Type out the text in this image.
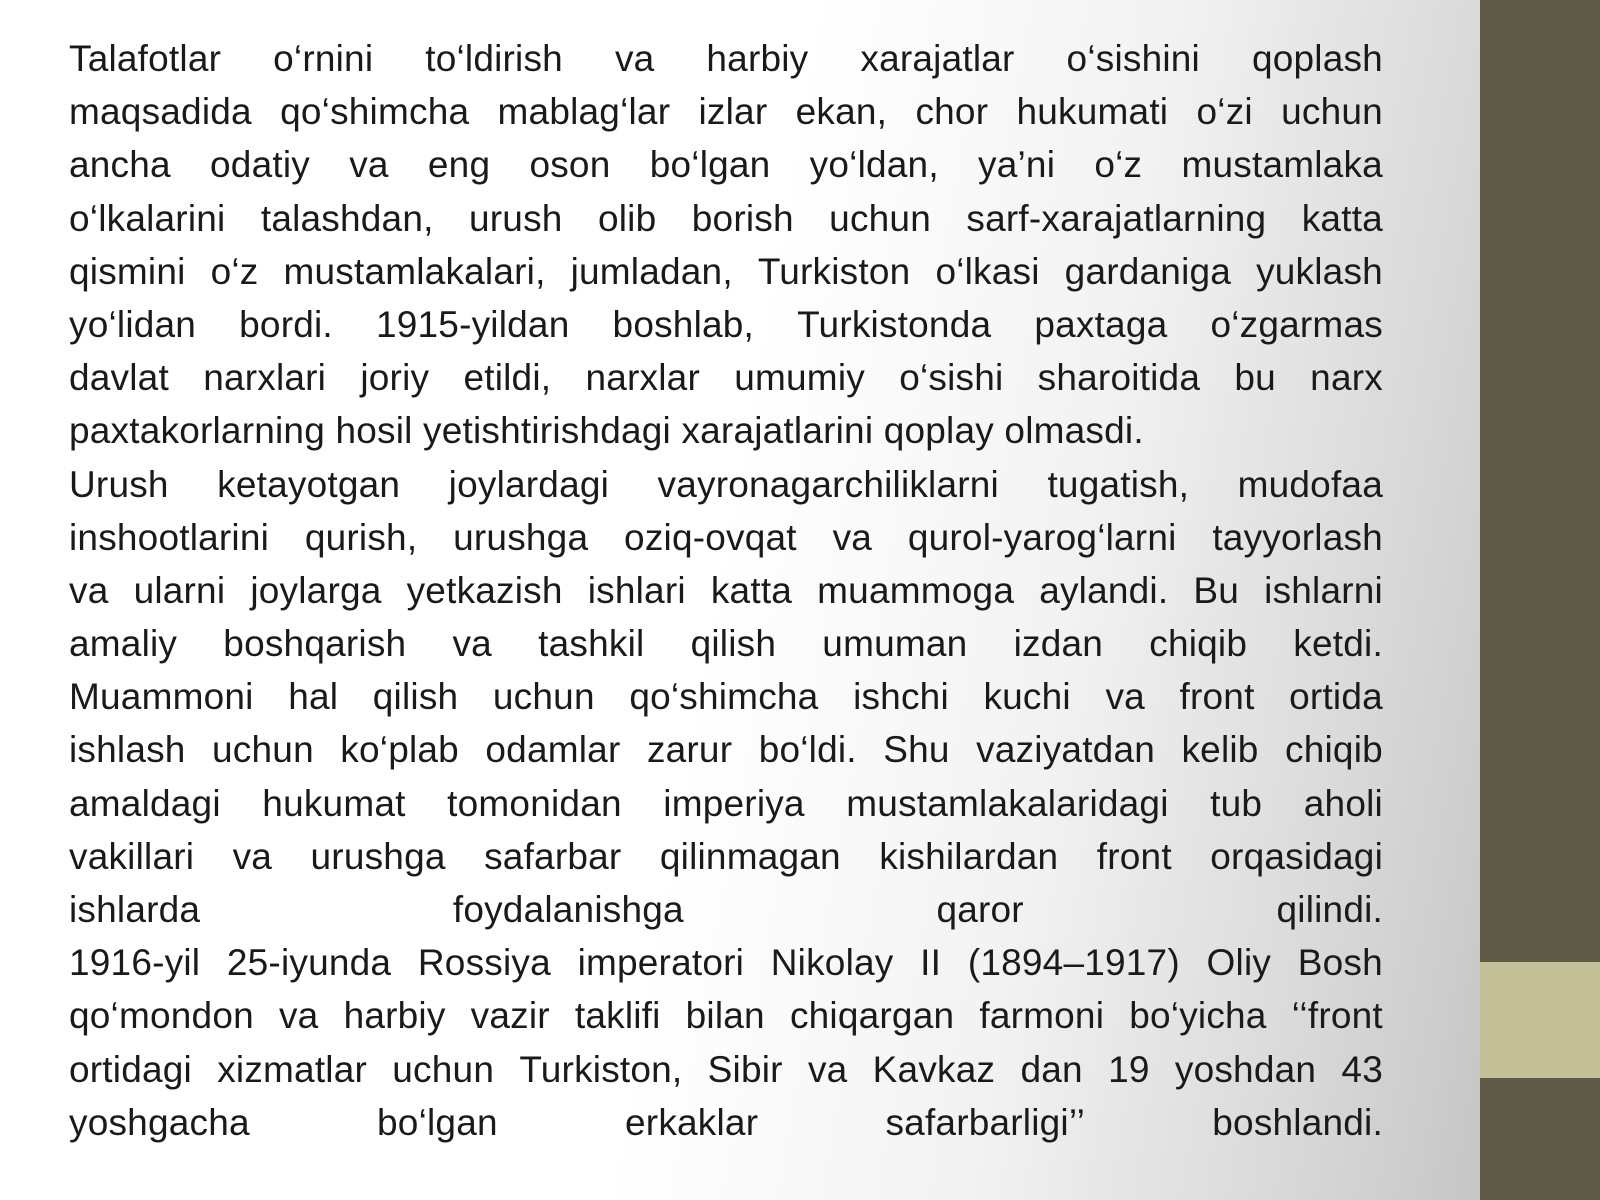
Talafotlar o‘rnini to‘ldirish va harbiy xarajatlar o‘sishini qoplash
maqsadida qo‘shimcha mablag‘lar izlar ekan, chor hukumati o‘zi uchun
ancha odatiy va eng oson bo‘lgan yo‘ldan, ya’ni o‘z mustamlaka
o‘lkalarini talashdan, urush olib borish uchun sarf-xarajatlarning katta
qismini o‘z mustamlakalari, jumladan, Turkiston o‘lkasi gardaniga yuklash
yo‘lidan bordi. 1915-yildan boshlab, Turkistonda paxtaga o‘zgarmas
davlat narxlari joriy etildi, narxlar umumiy o‘sishi sharoitida bu narx
paxtakorlarning hosil yetishtirishdagi xarajatlarini qoplay olmasdi.
Urush ketayotgan joylardagi vayronagarchiliklarni tugatish, mudofaa
inshootlarini qurish, urushga oziq-ovqat va qurol-yarog‘larni tayyorlash
va ularni joylarga yetkazish ishlari katta muammoga aylandi. Bu ishlarni
amaliy boshqarish va tashkil qilish umuman izdan chiqib ketdi.
Muammoni hal qilish uchun qo‘shimcha ishchi kuchi va front ortida
ishlash uchun ko‘plab odamlar zarur bo‘ldi. Shu vaziyatdan kelib chiqib
amaldagi hukumat tomonidan imperiya mustamlakalaridagi tub aholi
vakillari va urushga safarbar qilinmagan kishilardan front orqasidagi
ishlarda	foydalanishga	qaror	qilindi.
1916-yil 25-iyunda Rossiya imperatori Nikolay II (1894–1917) Oliy Bosh
qo‘mondon va harbiy vazir taklifi bilan chiqargan farmoni bo‘yicha ‘‘front
ortidagi xizmatlar uchun Turkiston, Sibir va Kavkaz dan 19 yoshdan 43
yoshgacha	bo‘lgan	erkaklar	safarbarligi’’	boshlandi.
